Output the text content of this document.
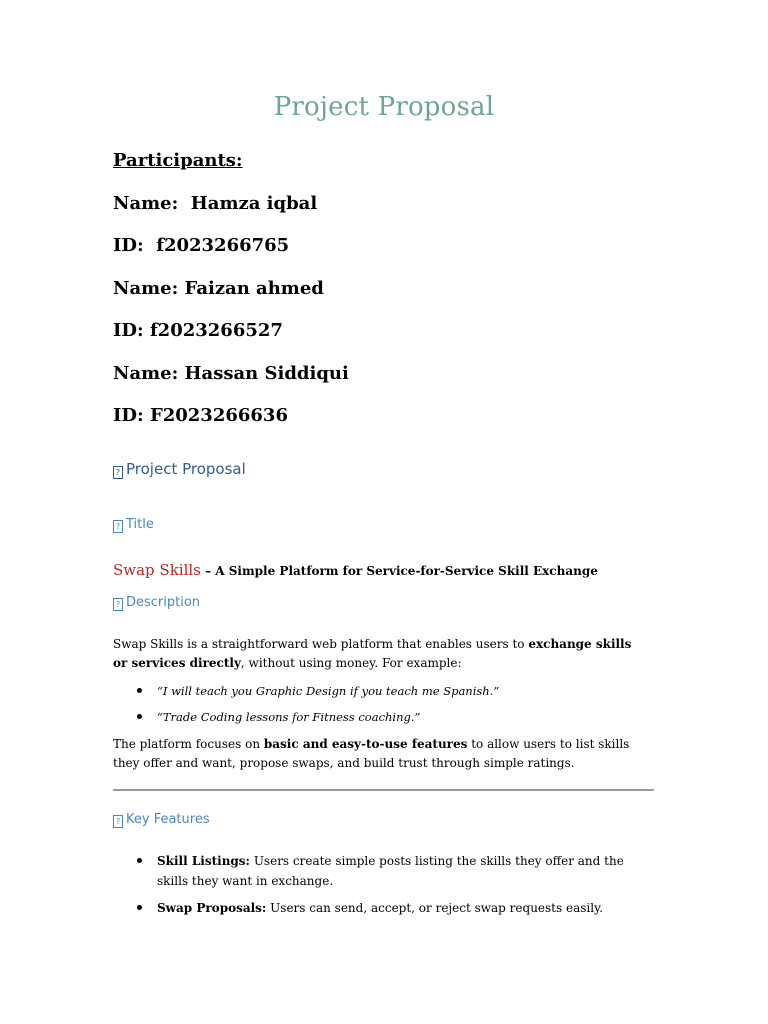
Project Proposal
Participants:
Name:  Hamza iqbal
ID:  f2023266765
Name: Faizan ahmed
ID: f2023266527
Name: Hassan Siddiqui
ID: F2023266636
? Project Proposal
? Title
Swap Skills – A Simple Platform for Service-for-Service Skill Exchange
? Description
Swap Skills is a straightforward web platform that enables users to exchange skills or services directly, without using money. For example:
“I will teach you Graphic Design if you teach me Spanish.”
“Trade Coding lessons for Fitness coaching.”
The platform focuses on basic and easy-to-use features to allow users to list skills they offer and want, propose swaps, and build trust through simple ratings.
? Key Features
Skill Listings: Users create simple posts listing the skills they offer and the skills they want in exchange.
Swap Proposals: Users can send, accept, or reject swap requests easily.
